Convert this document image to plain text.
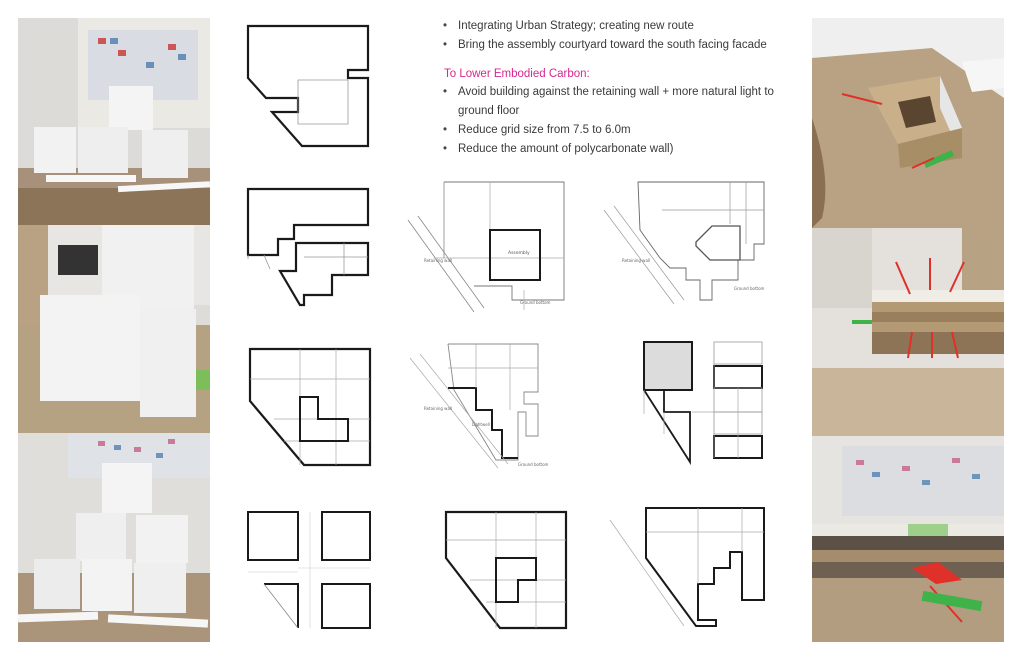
Assembly
Retaining wall
Ground bottom
Retaining wall
Ground bottom
Retaining wall
Lightwell
Ground bottom
• Integrating Urban Strategy; creating new route
• Bring the assembly courtyard toward the south facing facade
To Lower Embodied Carbon:
• Avoid building against the retaining wall + more natural light to ground floor
• Reduce grid size from 7.5 to 6.0m
• Reduce the amount of polycarbonate wall)
